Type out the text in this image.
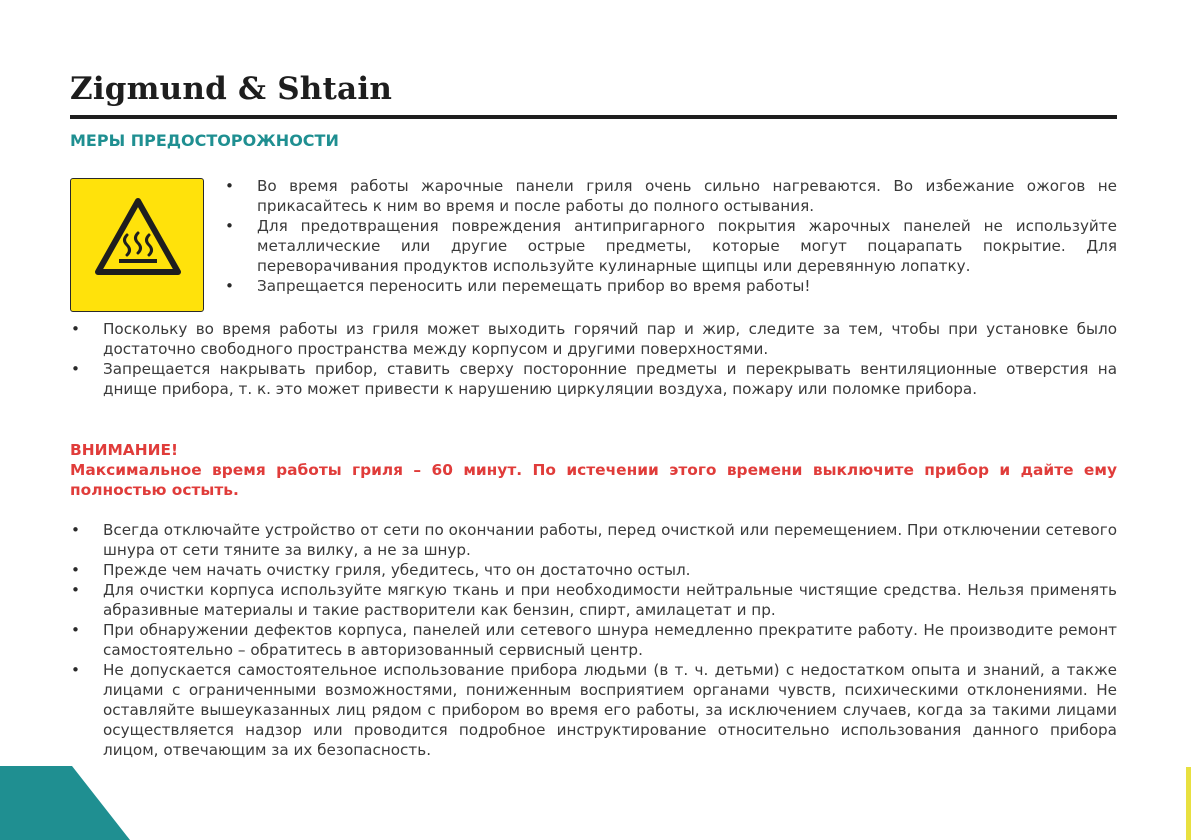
Zigmund & Shtain
МЕРЫ ПРЕДОСТОРОЖНОСТИ
• Во время работы жарочные панели гриля очень сильно нагреваются. Во избежание ожогов не прикасайтесь к ним во время и после работы до полного остывания.
• Для предотвращения повреждения антипригарного покрытия жарочных панелей не используйте металлические или другие острые предметы, которые могут поцарапать покрытие. Для переворачивания продуктов используйте кулинарные щипцы или деревянную лопатку.
• Запрещается переносить или перемещать прибор во время работы!
• Поскольку во время работы из гриля может выходить горячий пар и жир, следите за тем, чтобы при установке было достаточно свободного пространства между корпусом и другими поверхностями.
• Запрещается накрывать прибор, ставить сверху посторонние предметы и перекрывать вентиляционные отверстия на днище прибора, т. к. это может привести к нарушению циркуляции воздуха, пожару или поломке прибора.
ВНИМАНИЕ!
Максимальное время работы гриля – 60 минут. По истечении этого времени выключите прибор и дайте ему полностью остыть.
• Всегда отключайте устройство от сети по окончании работы, перед очисткой или перемещением. При отключении сетевого шнура от сети тяните за вилку, а не за шнур.
• Прежде чем начать очистку гриля, убедитесь, что он достаточно остыл.
• Для очистки корпуса используйте мягкую ткань и при необходимости нейтральные чистящие средства. Нельзя применять абразивные материалы и такие растворители как бензин, спирт, амилацетат и пр.
• При обнаружении дефектов корпуса, панелей или сетевого шнура немедленно прекратите работу. Не производите ремонт самостоятельно – обратитесь в авторизованный сервисный центр.
• Не допускается самостоятельное использование прибора людьми (в т. ч. детьми) с недостатком опыта и знаний, а также лицами с ограниченными возможностями, пониженным восприятием органами чувств, психическими отклонениями. Не оставляйте вышеуказанных лиц рядом с прибором во время его работы, за исключением случаев, когда за такими лицами осуществляется надзор или проводится подробное инструктирование относительно использования данного прибора лицом, отвечающим за их безопасность.
